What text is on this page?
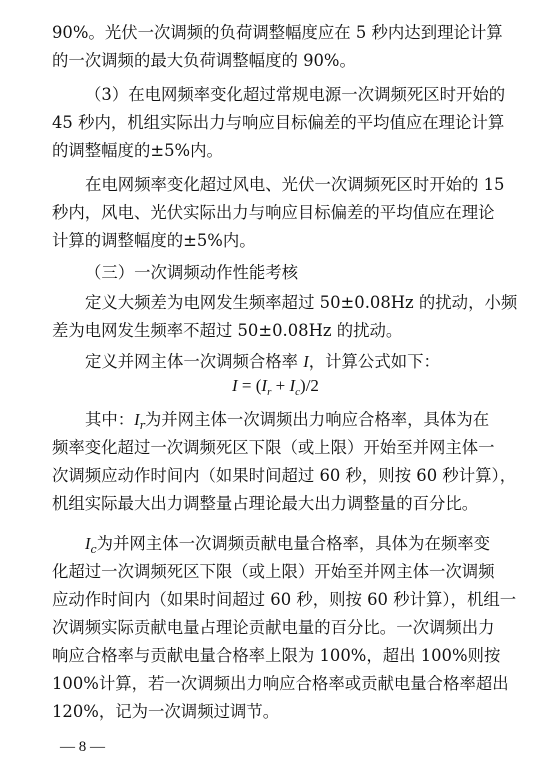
90%。光伏一次调频的负荷调整幅度应在 5 秒内达到理论计算
的一次调频的最大负荷调整幅度的 90%。
（3）在电网频率变化超过常规电源一次调频死区时开始的
45 秒内，机组实际出力与响应目标偏差的平均值应在理论计算
的调整幅度的±5%内。
在电网频率变化超过风电、光伏一次调频死区时开始的 15
秒内，风电、光伏实际出力与响应目标偏差的平均值应在理论
计算的调整幅度的±5%内。
（三）一次调频动作性能考核
定义大频差为电网发生频率超过 50±0.08Hz 的扰动，小频
差为电网发生频率不超过 50±0.08Hz 的扰动。
定义并网主体一次调频合格率 I，计算公式如下：
$I = (I_r + I_c)/2$
其中：$I_r$为并网主体一次调频出力响应合格率，具体为在
频率变化超过一次调频死区下限（或上限）开始至并网主体一
次调频应动作时间内（如果时间超过 60 秒，则按 60 秒计算），
机组实际最大出力调整量占理论最大出力调整量的百分比。
$I_c$为并网主体一次调频贡献电量合格率，具体为在频率变
化超过一次调频死区下限（或上限）开始至并网主体一次调频
应动作时间内（如果时间超过 60 秒，则按 60 秒计算），机组一
次调频实际贡献电量占理论贡献电量的百分比。一次调频出力
响应合格率与贡献电量合格率上限为 100%，超出 100%则按
100%计算，若一次调频出力响应合格率或贡献电量合格率超出
120%，记为一次调频过调节。
— 8 —
